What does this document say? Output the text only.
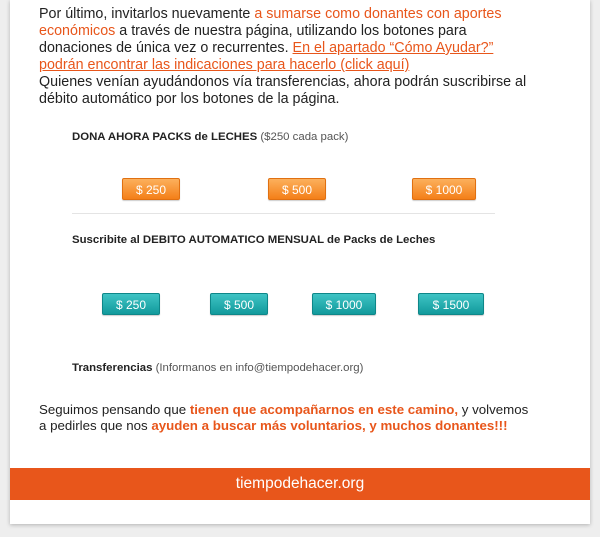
Por último, invitarlos nuevamente a sumarse como donantes con aportes económicos a través de nuestra página, utilizando los botones para donaciones de única vez o recurrentes. En el apartado “Cómo Ayudar?” podrán encontrar las indicaciones para hacerlo (click aquí)
Quienes venían ayudándonos vía transferencias, ahora podrán suscribirse al débito automático por los botones de la página.
DONA AHORA PACKS de LECHES ($250 cada pack)
$ 250	$ 500	$ 1000
Suscribite al DEBITO AUTOMATICO MENSUAL de Packs de Leches
$ 250	$ 500	$ 1000	$ 1500
Transferencias (Informanos en info@tiempodehacer.org)
Seguimos pensando que tienen que acompañarnos en este camino, y volvemos a pedirles que nos ayuden a buscar más voluntarios, y muchos donantes!!!
tiempodehacer.org
